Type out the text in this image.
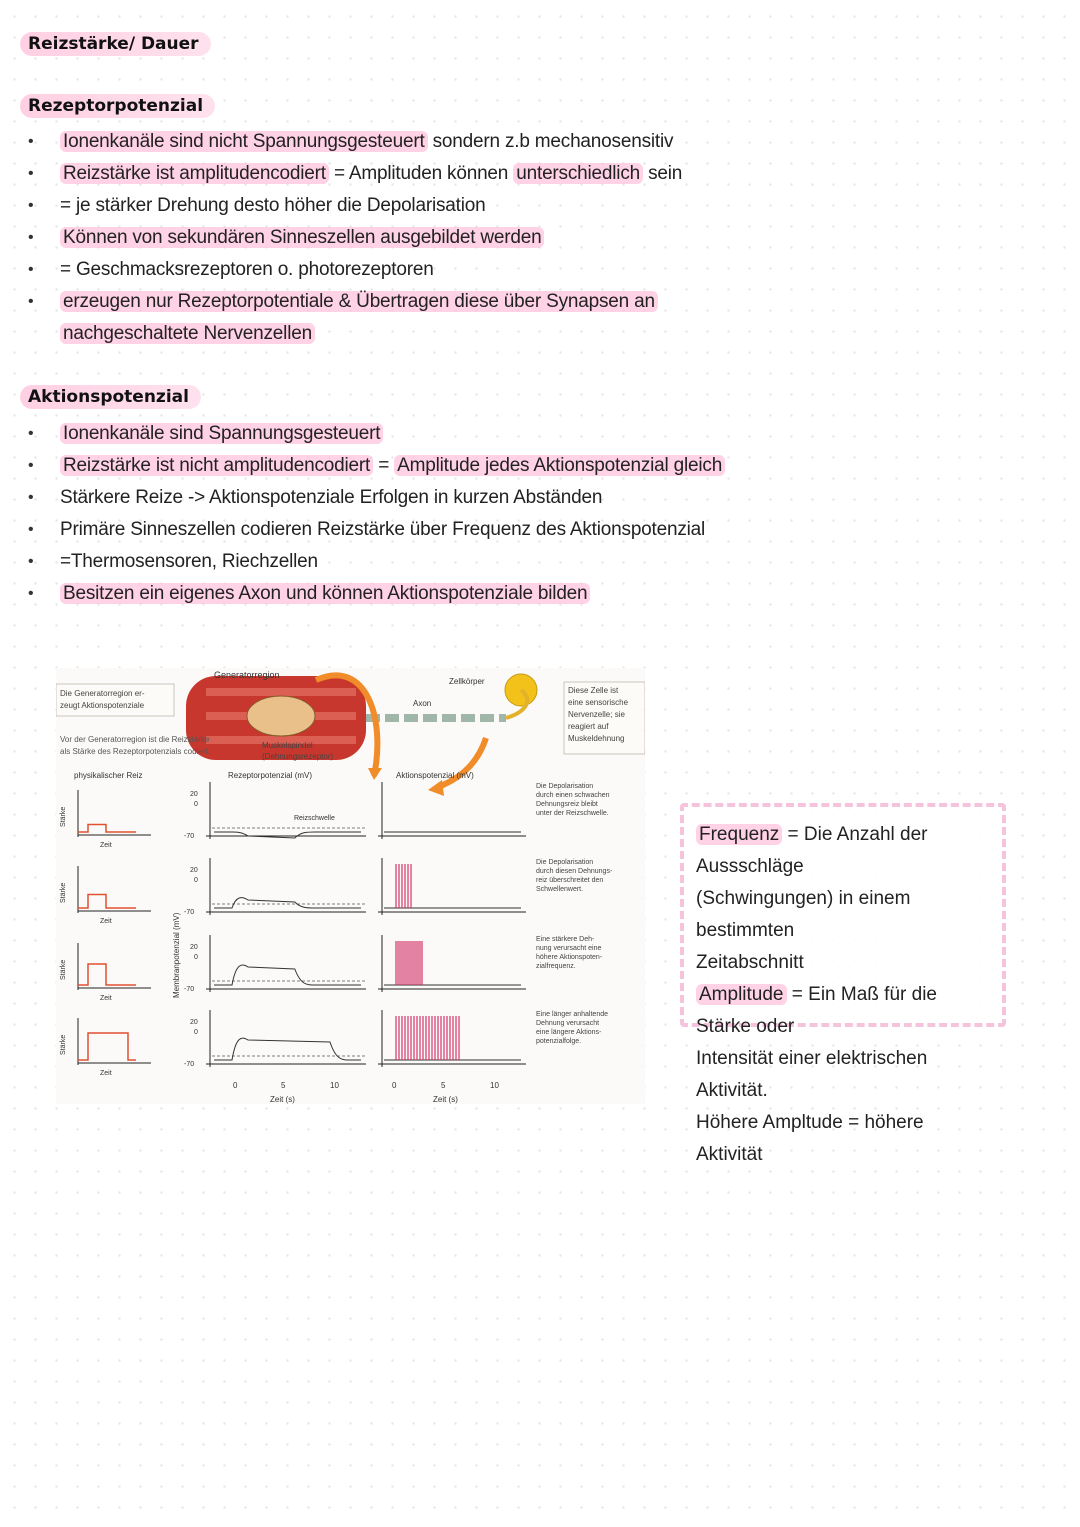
Reizstärke/ Dauer
Rezeptorpotenzial
• Ionenkanäle sind nicht Spannungsgesteuert sondern z.b mechanosensitiv
• Reizstärke ist amplitudencodiert = Amplituden können unterschiedlich sein
• = je stärker Drehung desto höher die Depolarisation
• Können von sekundären Sinneszellen ausgebildet werden
• = Geschmacksrezeptoren o. photorezeptoren
• erzeugen nur Rezeptorpotentiale & Übertragen diese über Synapsen an
nachgeschaltete Nervenzellen
Aktionspotenzial
• Ionenkanäle sind Spannungsgesteuert
• Reizstärke ist nicht amplitudencodiert = Amplitude jedes Aktionspotenzial gleich
• Stärkere Reize -> Aktionspotenziale Erfolgen in kurzen Abständen
• Primäre Sinneszellen codieren Reizstärke über Frequenz des Aktionspotenzial
• =Thermosensoren, Riechzellen
• Besitzen ein eigenes Axon und können Aktionspotenziale bilden
Generatorregion
Zellkörper
Axon
Die Generatorregion er-
zeugt Aktionspotenziale
Diese Zelle ist
eine sensorische
Nervenzelle; sie
reagiert auf
Muskeldehnung
Vor der Generatorregion ist die Reizstärke
als Stärke des Rezeptorpotenzials codiert.
Muskelspindel
(Dehnungsrezeptor)
physikalischer Reiz	Rezeptorpotenzial (mV)	Aktionspotenzial (mV)
Membranpotenzial (mV)
Stärke
Zeit
20
0
-70
Reizschwelle
Die Depolarisation
durch einen schwachen
Dehnungsreiz bleibt
unter der Reizschwelle.
Stärke
Zeit
20
0
-70
Die Depolarisation
durch diesen Dehnungs-
reiz überschreitet den
Schwellenwert.
Stärke
Zeit
20
0
-70
Eine stärkere Deh-
nung verursacht eine
höhere Aktionspoten-
zialfrequenz.
Stärke
Zeit
20
0
-70
Eine länger anhaltende
Dehnung verursacht
eine längere Aktions-
potenzialfolge.
0	5	10
Zeit (s)
0	5	10
Zeit (s)

Frequenz = Die Anzahl der Aussschläge

(Schwingungen) in einem bestimmten

Zeitabschnitt

Amplitude = Ein Maß für die Stärke oder

Intensität einer elektrischen Aktivität.

Höhere Ampltude = höhere Aktivität
